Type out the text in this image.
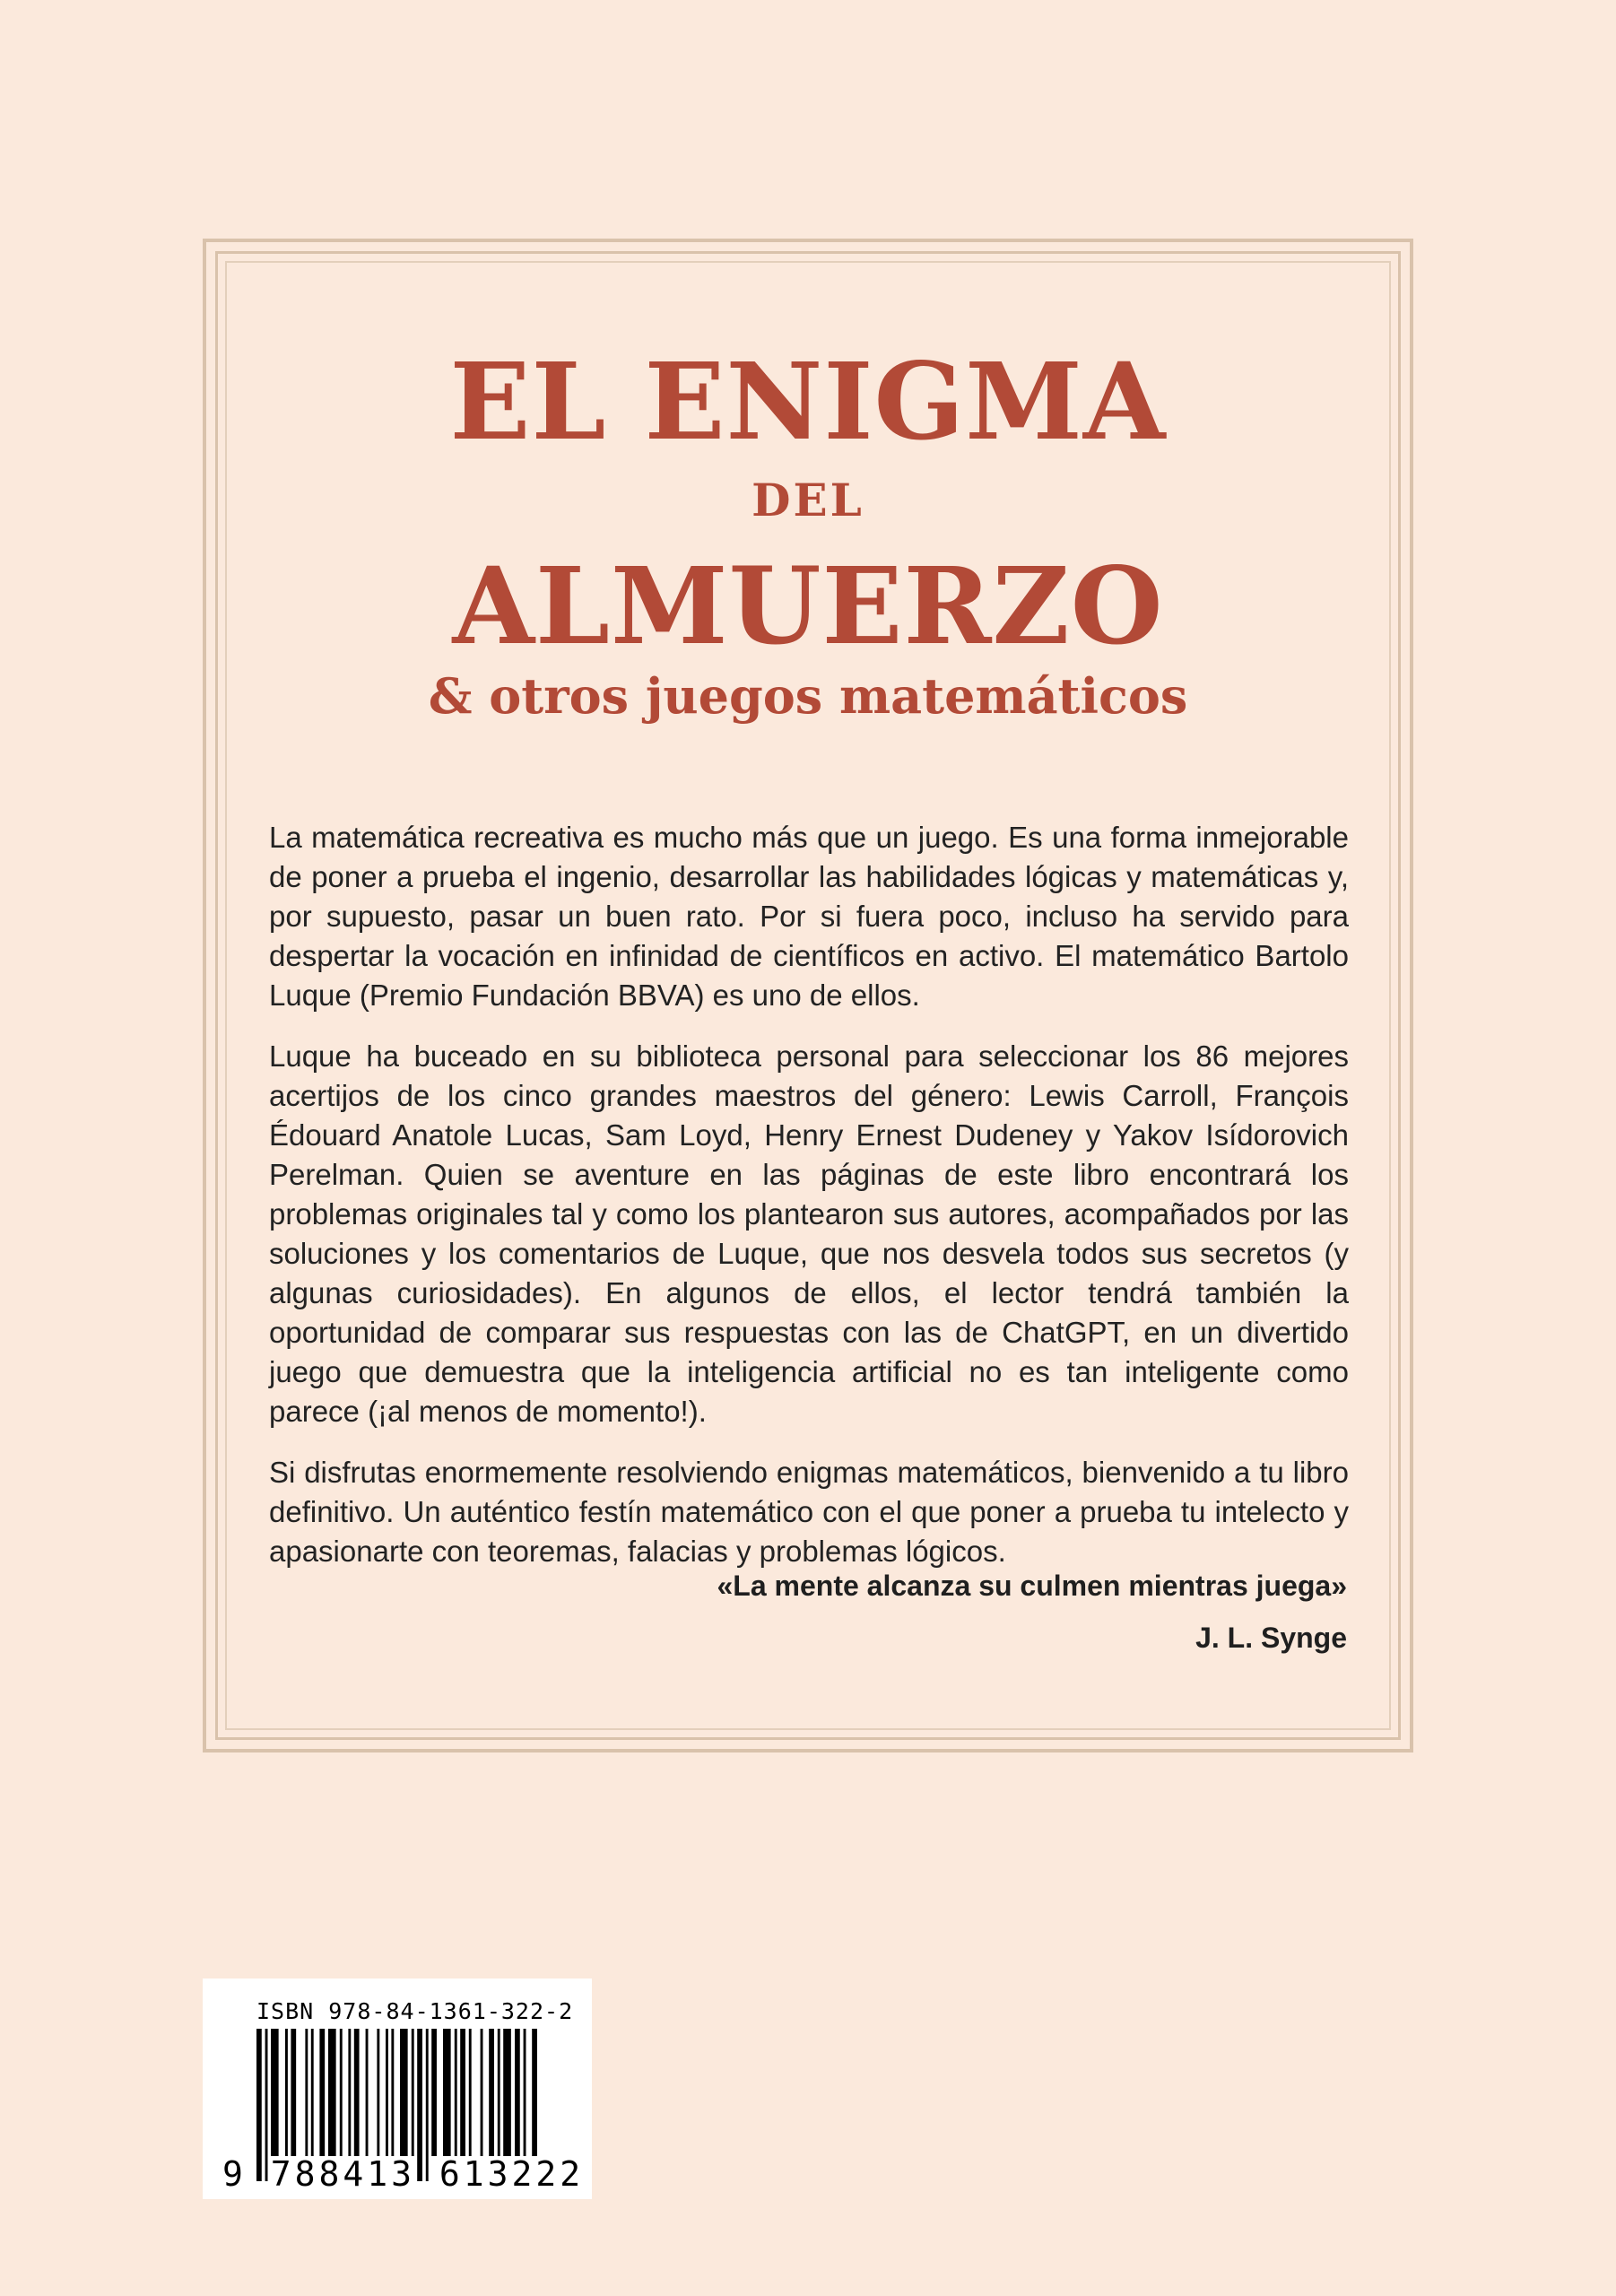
EL ENIGMA
DEL
ALMUERZO
& otros juegos matemáticos

La matemática recreativa es mucho más que un juego. Es una forma inmejorable de poner a prueba el ingenio, desarrollar las habilidades lógicas y matemáticas y, por supuesto, pasar un buen rato. Por si fuera poco, incluso ha servido para despertar la vocación en infinidad de científicos en activo. El matemático Bartolo Luque (Premio Fundación BBVA) es uno de ellos.

Luque ha buceado en su biblioteca personal para seleccionar los 86 mejores acertijos de los cinco grandes maestros del género: Lewis Carroll, François Édouard Anatole Lucas, Sam Loyd, Henry Ernest Dudeney y Yakov Isídorovich Perelman. Quien se aventure en las páginas de este libro encontrará los problemas originales tal y como los plantearon sus autores, acompañados por las soluciones y los comentarios de Luque, que nos desvela todos sus secretos (y algunas curiosidades). En algunos de ellos, el lector tendrá también la oportunidad de comparar sus respuestas con las de ChatGPT, en un divertido juego que demuestra que la inteligencia artificial no es tan inteligente como parece (¡al menos de momento!).

Si disfrutas enormemente resolviendo enigmas matemáticos, bienvenido a tu libro definitivo. Un auténtico festín matemático con el que poner a prueba tu intelecto y apasionarte con teoremas, falacias y problemas lógicos.

«La mente alcanza su culmen mientras juega»

J. L. Synge

ISBN 978-84-1361-322-2
9 788413 613222
